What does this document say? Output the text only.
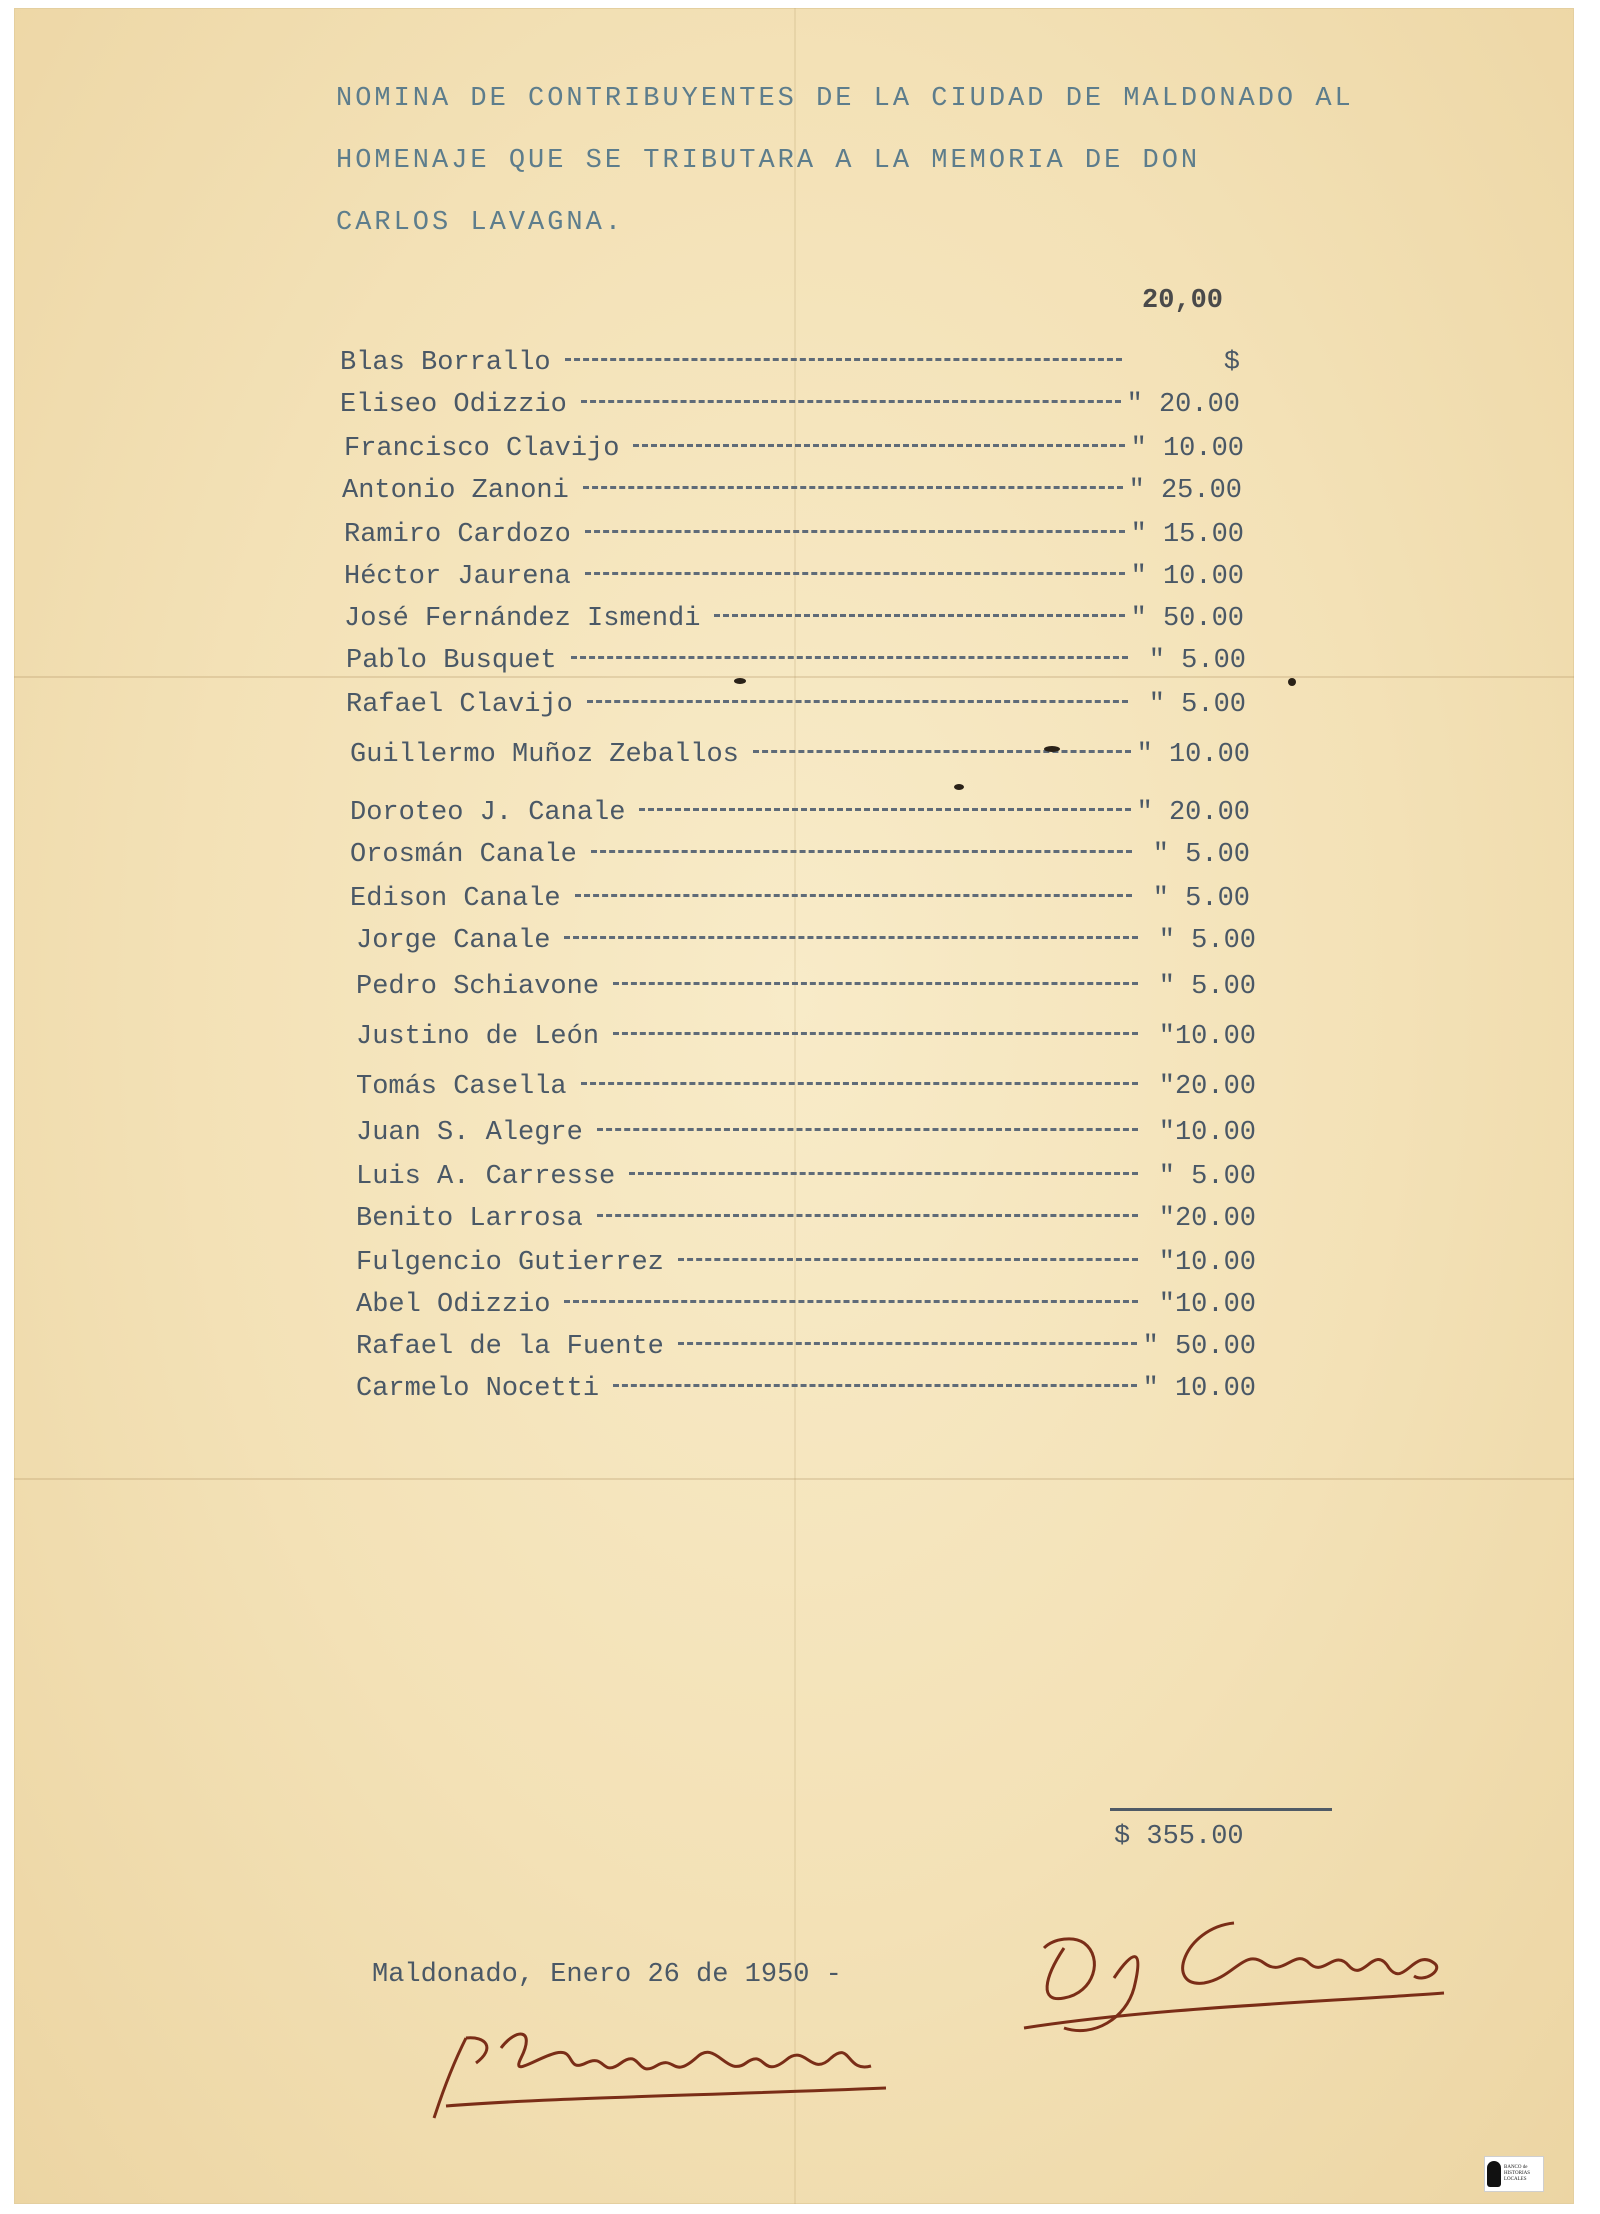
NOMINA DE CONTRIBUYENTES DE LA CIUDAD DE MALDONADO AL
HOMENAJE QUE SE TRIBUTARA A LA MEMORIA DE DON
CARLOS LAVAGNA.
20,00
Blas Borrallo	$
Eliseo Odizzio	" 20.00
Francisco Clavijo	" 10.00
Antonio Zanoni	" 25.00
Ramiro Cardozo	" 15.00
Héctor Jaurena	" 10.00
José Fernández Ismendi	" 50.00
Pablo Busquet	" 5.00
Rafael Clavijo	" 5.00
Guillermo Muñoz Zeballos	" 10.00
Doroteo J. Canale	" 20.00
Orosmán Canale	" 5.00
Edison Canale	" 5.00
Jorge Canale	" 5.00
Pedro Schiavone	" 5.00
Justino de León	"10.00
Tomás Casella	"20.00
Juan S. Alegre	"10.00
Luis A. Carresse	" 5.00
Benito Larrosa	"20.00
Fulgencio Gutierrez	"10.00
Abel Odizzio	"10.00
Rafael de la Fuente	" 50.00
Carmelo Nocetti	" 10.00
$ 355.00
Maldonado, Enero 26 de 1950 -
BANCO de
HISTORIAS
LOCALES
